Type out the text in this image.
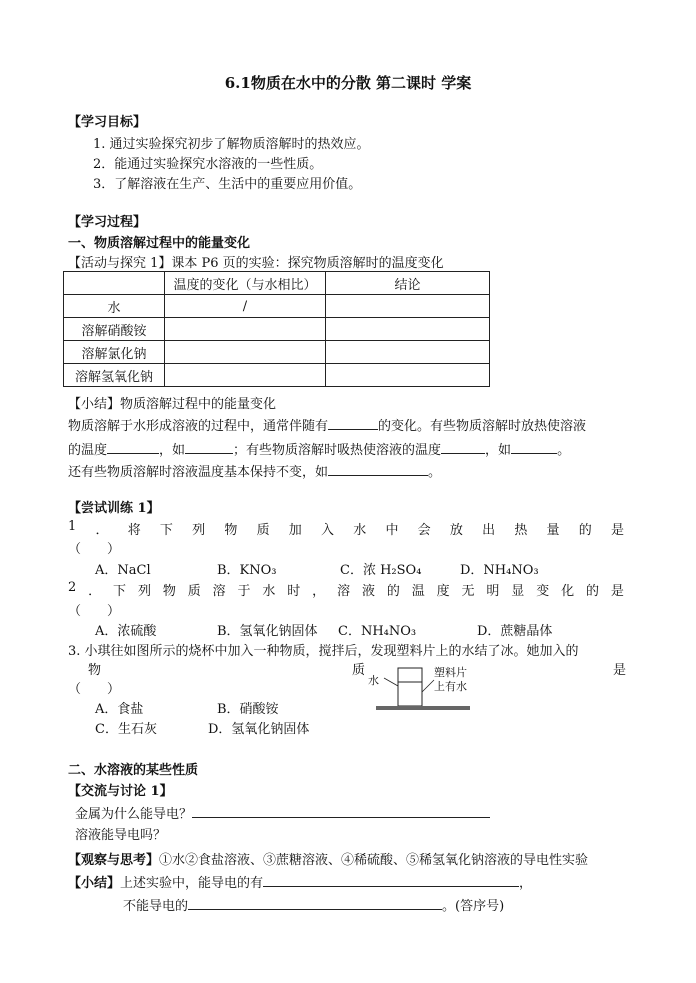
6.1物质在水中的分散 第二课时 学案
【学习目标】
1. 通过实验探究初步了解物质溶解时的热效应。
2．能通过实验探究水溶液的一些性质。
3．了解溶液在生产、生活中的重要应用价值。
【学习过程】
一、物质溶解过程中的能量变化
【活动与探究 1】课本 P6 页的实验：探究物质溶解时的温度变化
	温度的变化（与水相比）	结论
水	/	
溶解硝酸铵		
溶解氯化钠		
溶解氢氧化钠		
【小结】物质溶解过程中的能量变化
物质溶解于水形成溶液的过程中，通常伴随有	的变化。有些物质溶解时放热使溶液
的温度	，如	；有些物质溶解时吸热使溶液的温度	，如	。
还有些物质溶解时溶液温度基本保持不变，如	。
【尝试训练 1】
1 ． 将 下 列 物 质 加 入 水 中 会 放 出 热 量 的 是
（　　）
A．NaCl	B．KNO₃	C．浓 H₂SO₄	D．NH₄NO₃
2 ． 下 列 物 质 溶 于 水 时 ， 溶 液 的 温 度 无 明 显 变 化 的 是
（　　）
A．浓硫酸	B．氢氧化钠固体 C．NH₄NO₃	D．蔗糖晶体
3. 小琪往如图所示的烧杯中加入一种物质，搅拌后，发现塑料片上的水结了冰。她加入的
物	质	是
（　　）
水
塑料片
上有水
A．食盐	B．硝酸铵
C．生石灰	D．氢氧化钠固体
二、水溶液的某些性质
【交流与讨论 1】
金属为什么能导电？
溶液能导电吗？
【观察与思考】①水②食盐溶液、③蔗糖溶液、④稀硫酸、⑤稀氢氧化钠溶液的导电性实验
【小结】上述实验中，能导电的有	，
不能导电的	。(答序号)
